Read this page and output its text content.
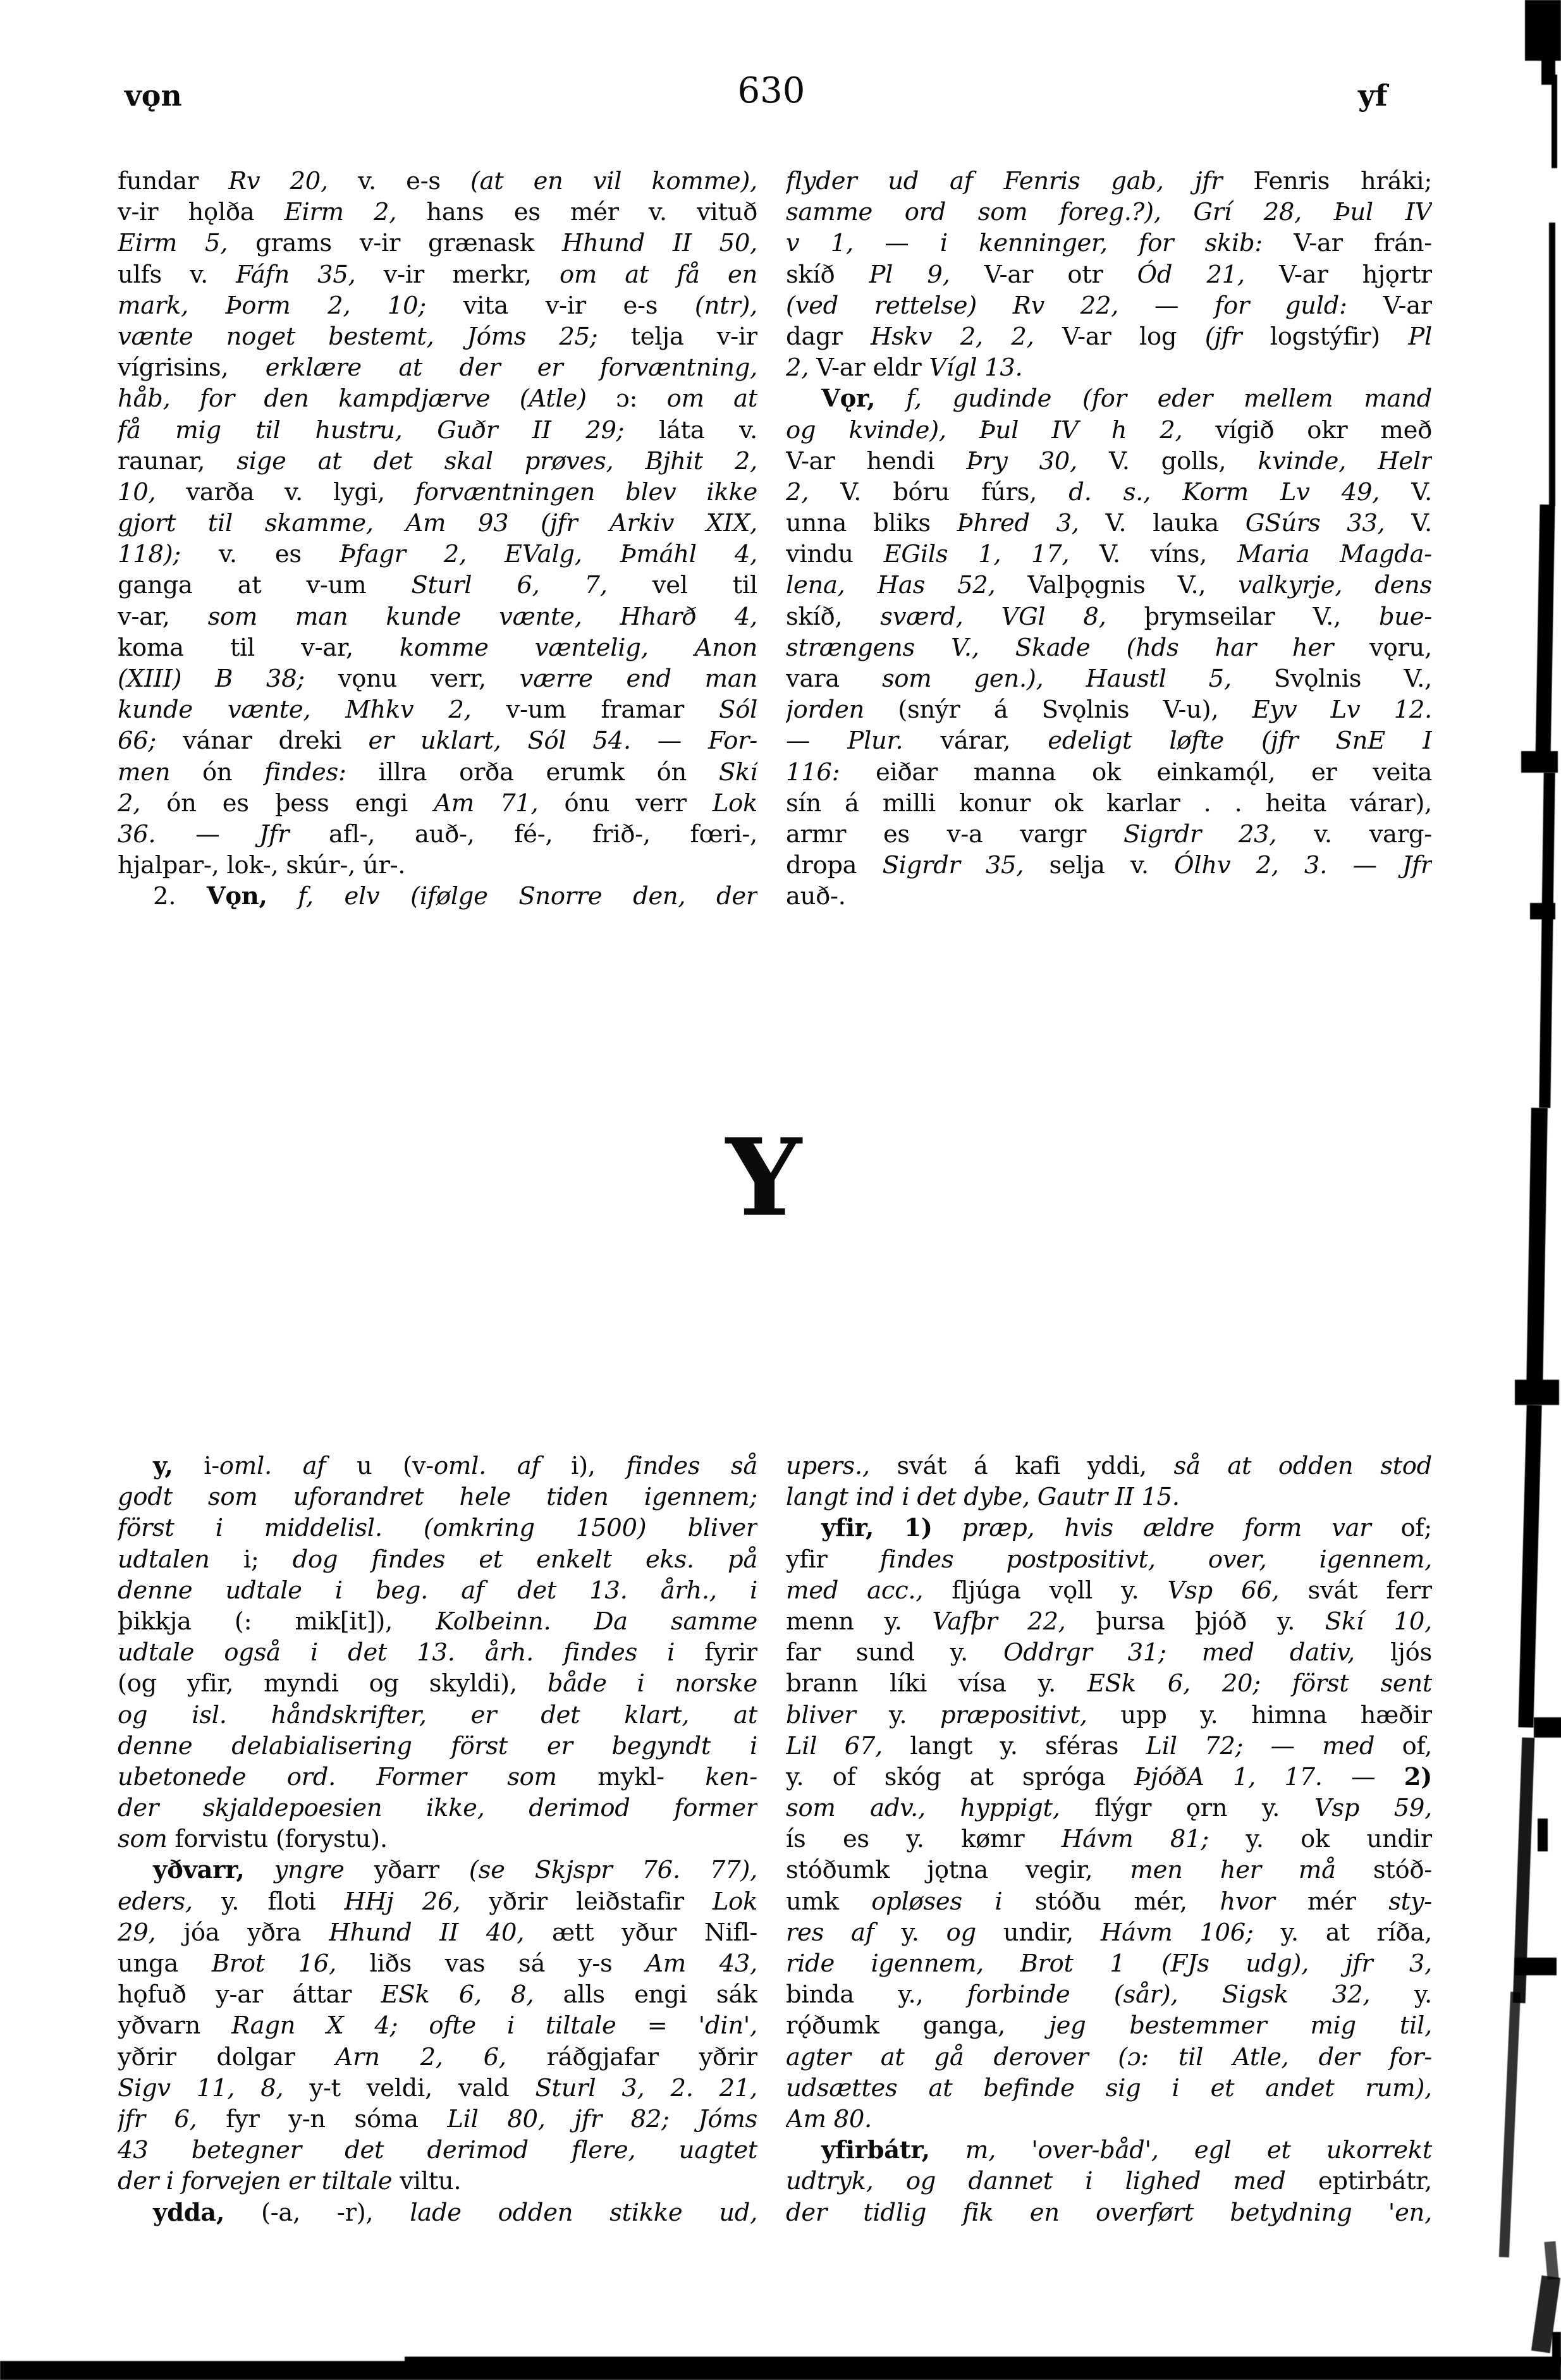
vǫn	630	yf
fundar Rv 20, v. e-s (at en vil komme),
v-ir hǫlða Eirm 2, hans es mér v. vituð
Eirm 5, grams v-ir grænask Hhund II 50,
ulfs v. Fáfn 35, v-ir merkr, om at få en
mark, Þorm 2, 10; vita v-ir e-s (ntr),
vænte noget bestemt, Jóms 25; telja v-ir
vígrisins, erklære at der er forvæntning,
håb, for den kampdjærve (Atle) ɔ: om at
få mig til hustru, Guðr II 29; láta v.
raunar, sige at det skal prøves, Bjhit 2,
10, varða v. lygi, forvæntningen blev ikke
gjort til skamme, Am 93 (jfr Arkiv XIX,
118); v. es Þfagr 2, EValg, Þmáhl 4,
ganga at v-um Sturl 6, 7, vel til
v-ar, som man kunde vænte, Hharð 4,
koma til v-ar, komme væntelig, Anon
(XIII) B 38; vǫnu verr, værre end man
kunde vænte, Mhkv 2, v-um framar Sól
66; vánar dreki er uklart, Sól 54. — For-
men ón findes: illra orða erumk ón Skí
2, ón es þess engi Am 71, ónu verr Lok
36. — Jfr afl-, auð-, fé-, frið-, fœri-,
hjalpar-, lok-, skúr-, úr-.
2. Vǫn, f, elv (ifølge Snorre den, der
flyder ud af Fenris gab, jfr Fenris hráki;
samme ord som foreg.?), Grí 28, Þul IV
v 1, — i kenninger, for skib: V-ar frán-
skíð Pl 9, V-ar otr Ód 21, V-ar hjǫrtr
(ved rettelse) Rv 22, — for guld: V-ar
dagr Hskv 2, 2, V-ar log (jfr logstýfir) Pl
2, V-ar eldr Vígl 13.
Vǫr, f, gudinde (for eder mellem mand
og kvinde), Þul IV h 2, vígið okr með
V-ar hendi Þry 30, V. golls, kvinde, Helr
2, V. bóru fúrs, d. s., Korm Lv 49, V.
unna bliks Þhred 3, V. lauka GSúrs 33, V.
vindu EGils 1, 17, V. víns, Maria Magda-
lena, Has 52, Valþǫgnis V., valkyrje, dens
skíð, sværd, VGl 8, þrymseilar V., bue-
strængens V., Skade (hds har her vǫru,
vara som gen.), Haustl 5, Svǫlnis V.,
jorden (snýr á Svǫlnis V-u), Eyv Lv 12.
— Plur. várar, edeligt løfte (jfr SnE I
116: eiðar manna ok einkamǫ́l, er veita
sín á milli konur ok karlar . . heita várar),
armr es v-a vargr Sigrdr 23, v. varg-
dropa Sigrdr 35, selja v. Ólhv 2, 3. — Jfr
auð-.
Y
y, i-oml. af u (v-oml. af i), findes så
godt som uforandret hele tiden igennem;
först i middelisl. (omkring 1500) bliver
udtalen i; dog findes et enkelt eks. på
denne udtale i beg. af det 13. årh., i
þikkja (: mik[it]), Kolbeinn. Da samme
udtale også i det 13. årh. findes i fyrir
(og yfir, myndi og skyldi), både i norske
og isl. håndskrifter, er det klart, at
denne delabialisering först er begyndt i
ubetonede ord. Former som mykl- ken-
der skjaldepoesien ikke, derimod former
som forvistu (forystu).
yðvarr, yngre yðarr (se Skjspr 76. 77),
eders, y. floti HHj 26, yðrir leiðstafir Lok
29, jóa yðra Hhund II 40, ætt yður Nifl-
unga Brot 16, liðs vas sá y-s Am 43,
hǫfuð y-ar áttar ESk 6, 8, alls engi sák
yðvarn Ragn X 4; ofte i tiltale = 'din',
yðrir dolgar Arn 2, 6, ráðgjafar yðrir
Sigv 11, 8, y-t veldi, vald Sturl 3, 2. 21,
jfr 6, fyr y-n sóma Lil 80, jfr 82; Jóms
43 betegner det derimod flere, uagtet
der i forvejen er tiltale viltu.
ydda, (-a, -r), lade odden stikke ud,
upers., svát á kafi yddi, så at odden stod
langt ind i det dybe, Gautr II 15.
yfir, 1) præp, hvis ældre form var of;
yfir findes postpositivt, over, igennem,
med acc., fljúga vǫll y. Vsp 66, svát ferr
menn y. Vafþr 22, þursa þjóð y. Skí 10,
far sund y. Oddrgr 31; med dativ, ljós
brann líki vísa y. ESk 6, 20; först sent
bliver y. præpositivt, upp y. himna hæðir
Lil 67, langt y. sféras Lil 72; — med of,
y. of skóg at spróga ÞjóðA 1, 17. — 2)
som adv., hyppigt, flýgr ǫrn y. Vsp 59,
ís es y. kømr Hávm 81; y. ok undir
stóðumk jǫtna vegir, men her må stóð-
umk opløses i stóðu mér, hvor mér sty-
res af y. og undir, Hávm 106; y. at ríða,
ride igennem, Brot 1 (FJs udg), jfr 3,
binda y., forbinde (sår), Sigsk 32, y.
rǫ́ðumk ganga, jeg bestemmer mig til,
agter at gå derover (ɔ: til Atle, der for-
udsættes at befinde sig i et andet rum),
Am 80.
yfirbátr, m, 'over-båd', egl et ukorrekt
udtryk, og dannet i lighed med eptirbátr,
der tidlig fik en overført betydning 'en,
